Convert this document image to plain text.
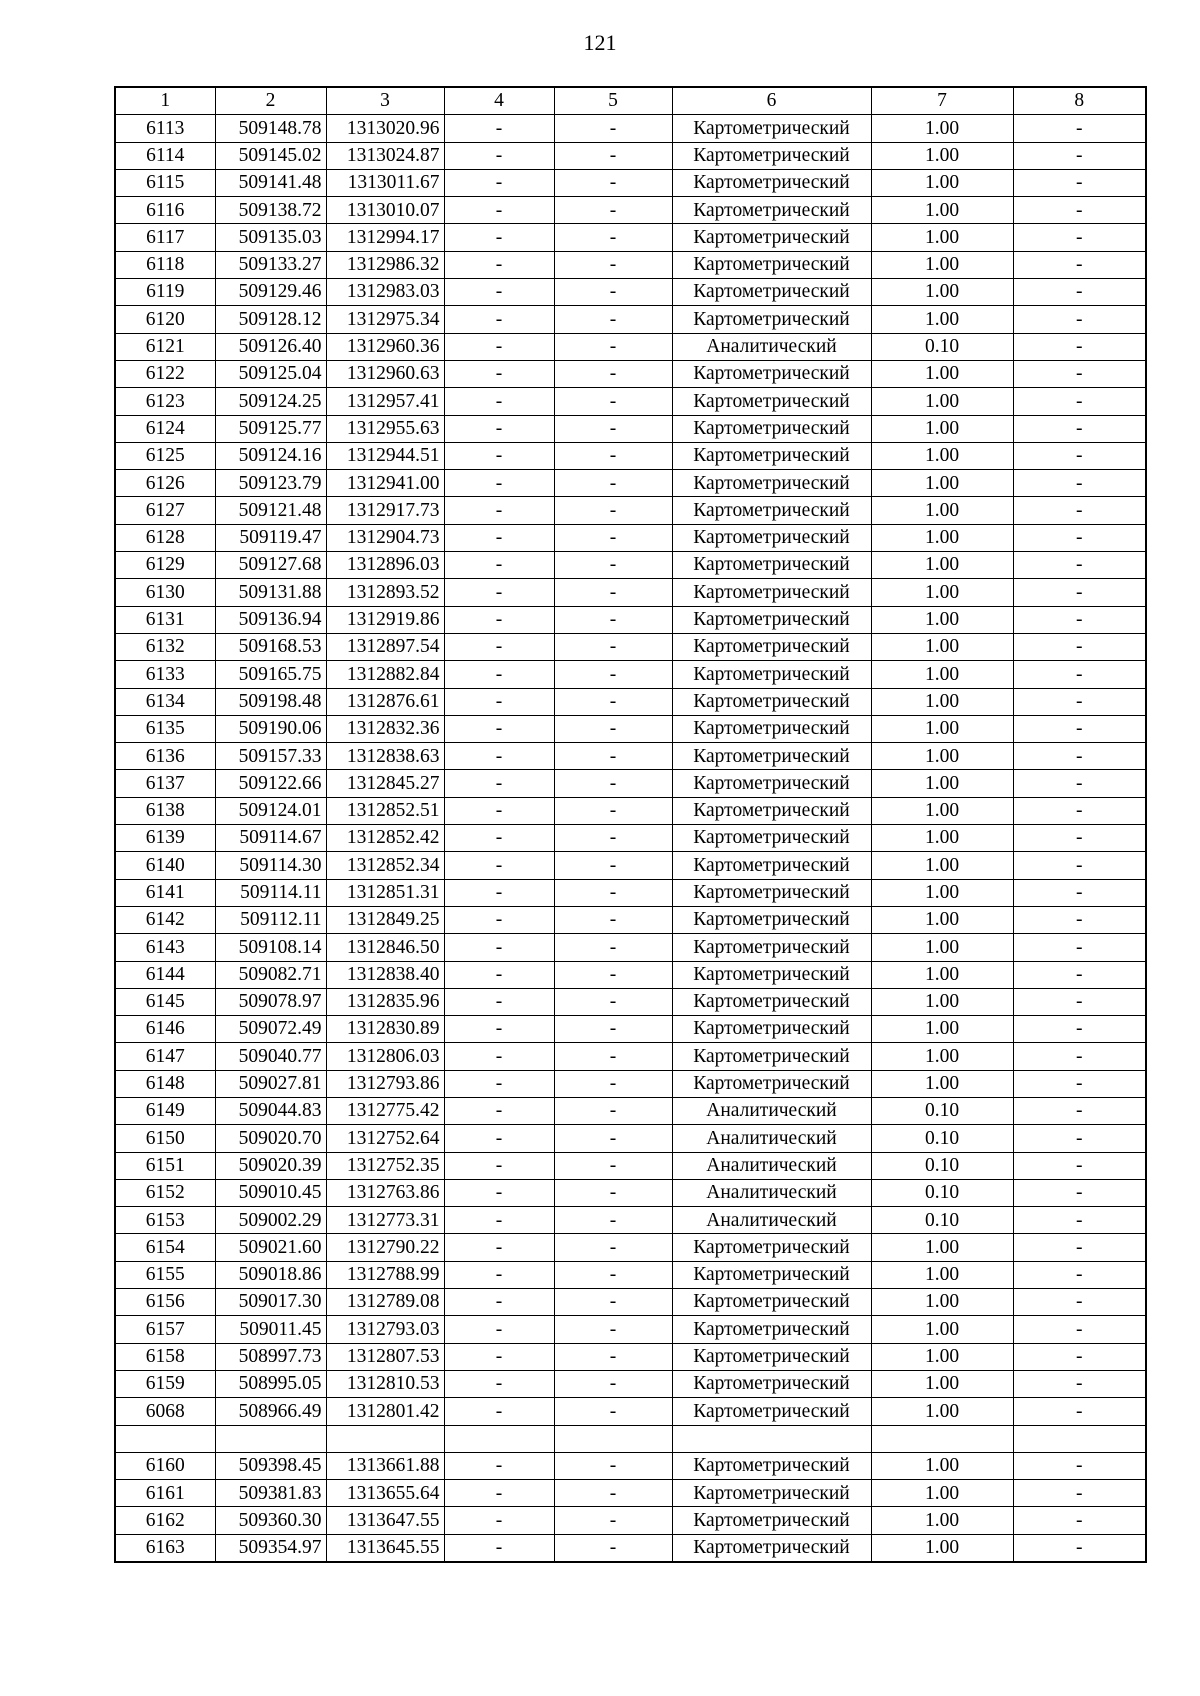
121
1	2	3	4	5	6	7	8
6113	509148.78	1313020.96	-	-	Картометрический	1.00	-
6114	509145.02	1313024.87	-	-	Картометрический	1.00	-
6115	509141.48	1313011.67	-	-	Картометрический	1.00	-
6116	509138.72	1313010.07	-	-	Картометрический	1.00	-
6117	509135.03	1312994.17	-	-	Картометрический	1.00	-
6118	509133.27	1312986.32	-	-	Картометрический	1.00	-
6119	509129.46	1312983.03	-	-	Картометрический	1.00	-
6120	509128.12	1312975.34	-	-	Картометрический	1.00	-
6121	509126.40	1312960.36	-	-	Аналитический	0.10	-
6122	509125.04	1312960.63	-	-	Картометрический	1.00	-
6123	509124.25	1312957.41	-	-	Картометрический	1.00	-
6124	509125.77	1312955.63	-	-	Картометрический	1.00	-
6125	509124.16	1312944.51	-	-	Картометрический	1.00	-
6126	509123.79	1312941.00	-	-	Картометрический	1.00	-
6127	509121.48	1312917.73	-	-	Картометрический	1.00	-
6128	509119.47	1312904.73	-	-	Картометрический	1.00	-
6129	509127.68	1312896.03	-	-	Картометрический	1.00	-
6130	509131.88	1312893.52	-	-	Картометрический	1.00	-
6131	509136.94	1312919.86	-	-	Картометрический	1.00	-
6132	509168.53	1312897.54	-	-	Картометрический	1.00	-
6133	509165.75	1312882.84	-	-	Картометрический	1.00	-
6134	509198.48	1312876.61	-	-	Картометрический	1.00	-
6135	509190.06	1312832.36	-	-	Картометрический	1.00	-
6136	509157.33	1312838.63	-	-	Картометрический	1.00	-
6137	509122.66	1312845.27	-	-	Картометрический	1.00	-
6138	509124.01	1312852.51	-	-	Картометрический	1.00	-
6139	509114.67	1312852.42	-	-	Картометрический	1.00	-
6140	509114.30	1312852.34	-	-	Картометрический	1.00	-
6141	509114.11	1312851.31	-	-	Картометрический	1.00	-
6142	509112.11	1312849.25	-	-	Картометрический	1.00	-
6143	509108.14	1312846.50	-	-	Картометрический	1.00	-
6144	509082.71	1312838.40	-	-	Картометрический	1.00	-
6145	509078.97	1312835.96	-	-	Картометрический	1.00	-
6146	509072.49	1312830.89	-	-	Картометрический	1.00	-
6147	509040.77	1312806.03	-	-	Картометрический	1.00	-
6148	509027.81	1312793.86	-	-	Картометрический	1.00	-
6149	509044.83	1312775.42	-	-	Аналитический	0.10	-
6150	509020.70	1312752.64	-	-	Аналитический	0.10	-
6151	509020.39	1312752.35	-	-	Аналитический	0.10	-
6152	509010.45	1312763.86	-	-	Аналитический	0.10	-
6153	509002.29	1312773.31	-	-	Аналитический	0.10	-
6154	509021.60	1312790.22	-	-	Картометрический	1.00	-
6155	509018.86	1312788.99	-	-	Картометрический	1.00	-
6156	509017.30	1312789.08	-	-	Картометрический	1.00	-
6157	509011.45	1312793.03	-	-	Картометрический	1.00	-
6158	508997.73	1312807.53	-	-	Картометрический	1.00	-
6159	508995.05	1312810.53	-	-	Картометрический	1.00	-
6068	508966.49	1312801.42	-	-	Картометрический	1.00	-

6160	509398.45	1313661.88	-	-	Картометрический	1.00	-
6161	509381.83	1313655.64	-	-	Картометрический	1.00	-
6162	509360.30	1313647.55	-	-	Картометрический	1.00	-
6163	509354.97	1313645.55	-	-	Картометрический	1.00	-
